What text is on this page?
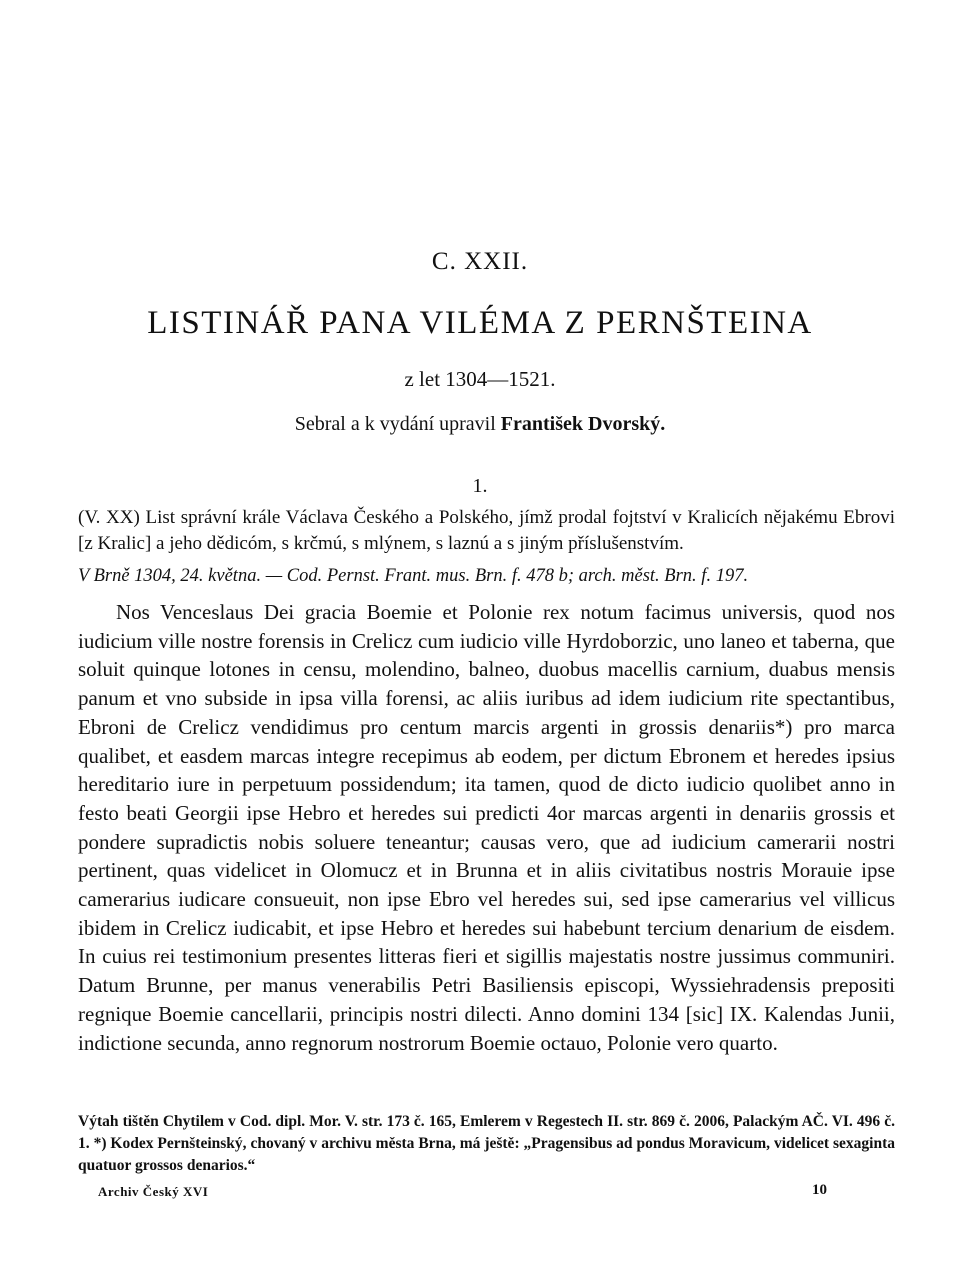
C. XXII.
LISTINÁŘ PANA VILÉMA Z PERNŠTEINA
z let 1304—1521.
Sebral a k vydání upravil František Dvorský.
1.
(V. XX) List správní krále Václava Českého a Polského, jímž prodal fojtství v Kralicích nějakému Ebrovi [z Kralic] a jeho dědicóm, s krčmú, s mlýnem, s laznú a s jiným příslušenstvím.
V Brně 1304, 24. května. — Cod. Pernst. Frant. mus. Brn. f. 478 b; arch. měst. Brn. f. 197.
Nos Venceslaus Dei gracia Boemie et Polonie rex notum facimus universis, quod nos iudicium ville nostre forensis in Crelicz cum iudicio ville Hyrdoborzic, uno laneo et taberna, que soluit quinque lotones in censu, molendino, balneo, duobus macellis carnium, duabus mensis panum et vno subside in ipsa villa forensi, ac aliis iuribus ad idem iudicium rite spectantibus, Ebroni de Crelicz vendidimus pro centum marcis argenti in grossis denariis*) pro marca qualibet, et easdem marcas integre recepimus ab eodem, per dictum Ebronem et heredes ipsius hereditario iure in perpetuum possidendum; ita tamen, quod de dicto iudicio quolibet anno in festo beati Georgii ipse Hebro et heredes sui predicti 4or marcas argenti in denariis grossis et pondere supradictis nobis soluere teneantur; causas vero, que ad iudicium camerarii nostri pertinent, quas videlicet in Olomucz et in Brunna et in aliis civitatibus nostris Morauie ipse camerarius iudicare consueuit, non ipse Ebro vel heredes sui, sed ipse camerarius vel villicus ibidem in Crelicz iudicabit, et ipse Hebro et heredes sui habebunt tercium denarium de eisdem. In cuius rei testimonium presentes litteras fieri et sigillis majestatis nostre jussimus communiri. Datum Brunne, per manus venerabilis Petri Basiliensis episcopi, Wyssiehradensis prepositi regnique Boemie cancellarii, principis nostri dilecti. Anno domini 134 [sic] IX. Kalendas Junii, indictione secunda, anno regnorum nostrorum Boemie octauo, Polonie vero quarto.
Výtah tištěn Chytilem v Cod. dipl. Mor. V. str. 173 č. 165, Emlerem v Regestech II. str. 869 č. 2006, Palackým AČ. VI. 496 č. 1. *) Kodex Pernšteinský, chovaný v archivu města Brna, má ještě: „Pragensibus ad pondus Moravicum, videlicet sexaginta quatuor grossos denarios.“
Archiv Český XVI	10
